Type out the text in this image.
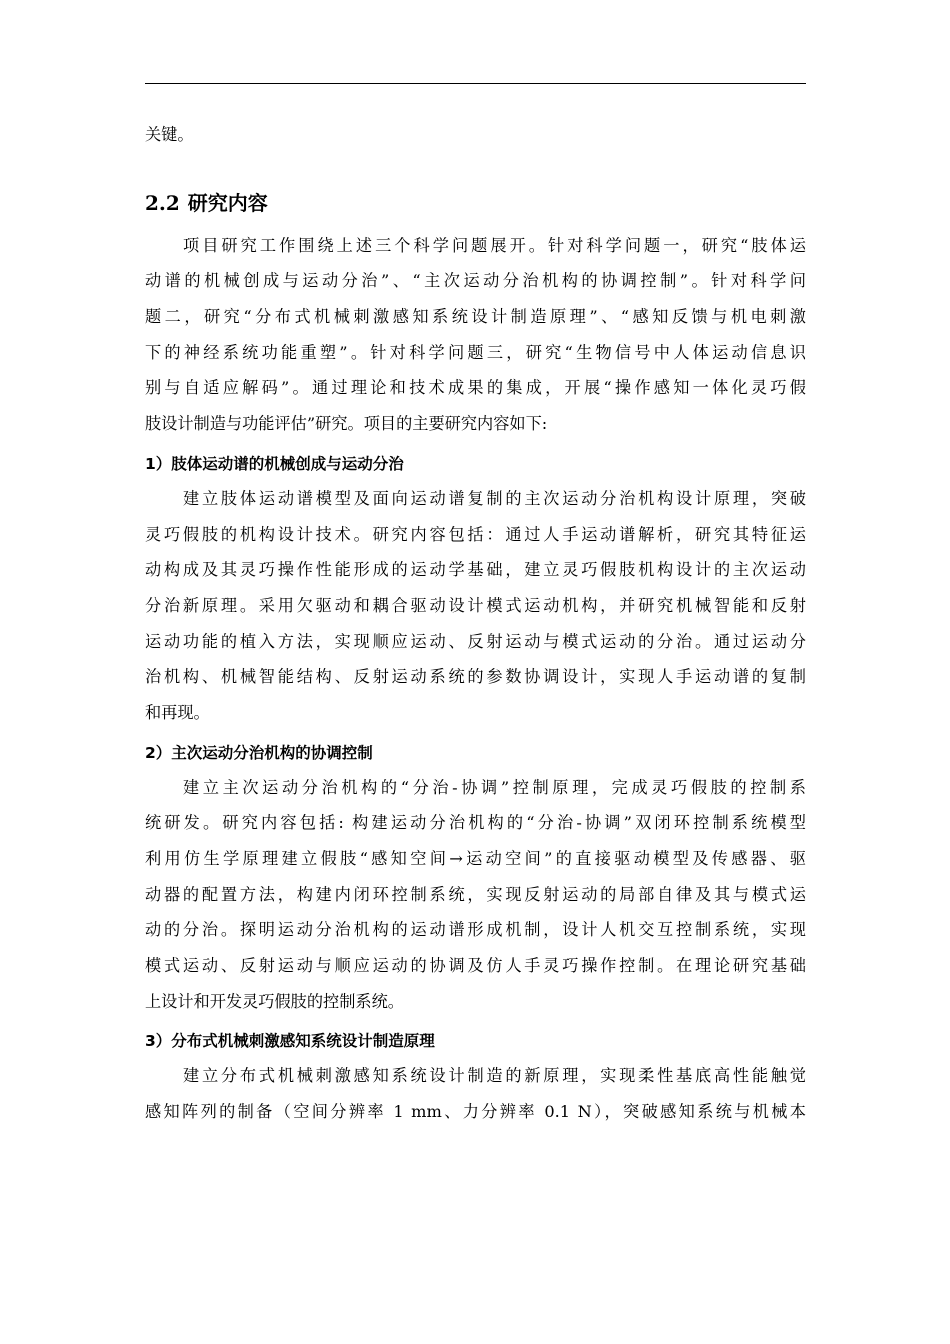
关键。
2.2 研究内容
项目研究工作围绕上述三个科学问题展开。针对科学问题一，研究“肢体运
动谱的机械创成与运动分治”、“主次运动分治机构的协调控制”。针对科学问
题二，研究“分布式机械刺激感知系统设计制造原理”、“感知反馈与机电刺激
下的神经系统功能重塑”。针对科学问题三，研究“生物信号中人体运动信息识
别与自适应解码”。通过理论和技术成果的集成，开展“操作感知一体化灵巧假
肢设计制造与功能评估”研究。项目的主要研究内容如下:
1）肢体运动谱的机械创成与运动分治
建立肢体运动谱模型及面向运动谱复制的主次运动分治机构设计原理，突破
灵巧假肢的机构设计技术。研究内容包括：通过人手运动谱解析，研究其特征运
动构成及其灵巧操作性能形成的运动学基础，建立灵巧假肢机构设计的主次运动
分治新原理。采用欠驱动和耦合驱动设计模式运动机构，并研究机械智能和反射
运动功能的植入方法，实现顺应运动、反射运动与模式运动的分治。通过运动分
治机构、机械智能结构、反射运动系统的参数协调设计，实现人手运动谱的复制
和再现。
2）主次运动分治机构的协调控制
建立主次运动分治机构的“分治-协调”控制原理，完成灵巧假肢的控制系
统研发。研究内容包括: 构建运动分治机构的“分治-协调”双闭环控制系统模型
利用仿生学原理建立假肢“感知空间→运动空间”的直接驱动模型及传感器、驱
动器的配置方法，构建内闭环控制系统，实现反射运动的局部自律及其与模式运
动的分治。探明运动分治机构的运动谱形成机制，设计人机交互控制系统，实现
模式运动、反射运动与顺应运动的协调及仿人手灵巧操作控制。在理论研究基础
上设计和开发灵巧假肢的控制系统。
3）分布式机械刺激感知系统设计制造原理
建立分布式机械刺激感知系统设计制造的新原理，实现柔性基底高性能触觉
感知阵列的制备（空间分辨率 1 mm、力分辨率 0.1 N），突破感知系统与机械本
